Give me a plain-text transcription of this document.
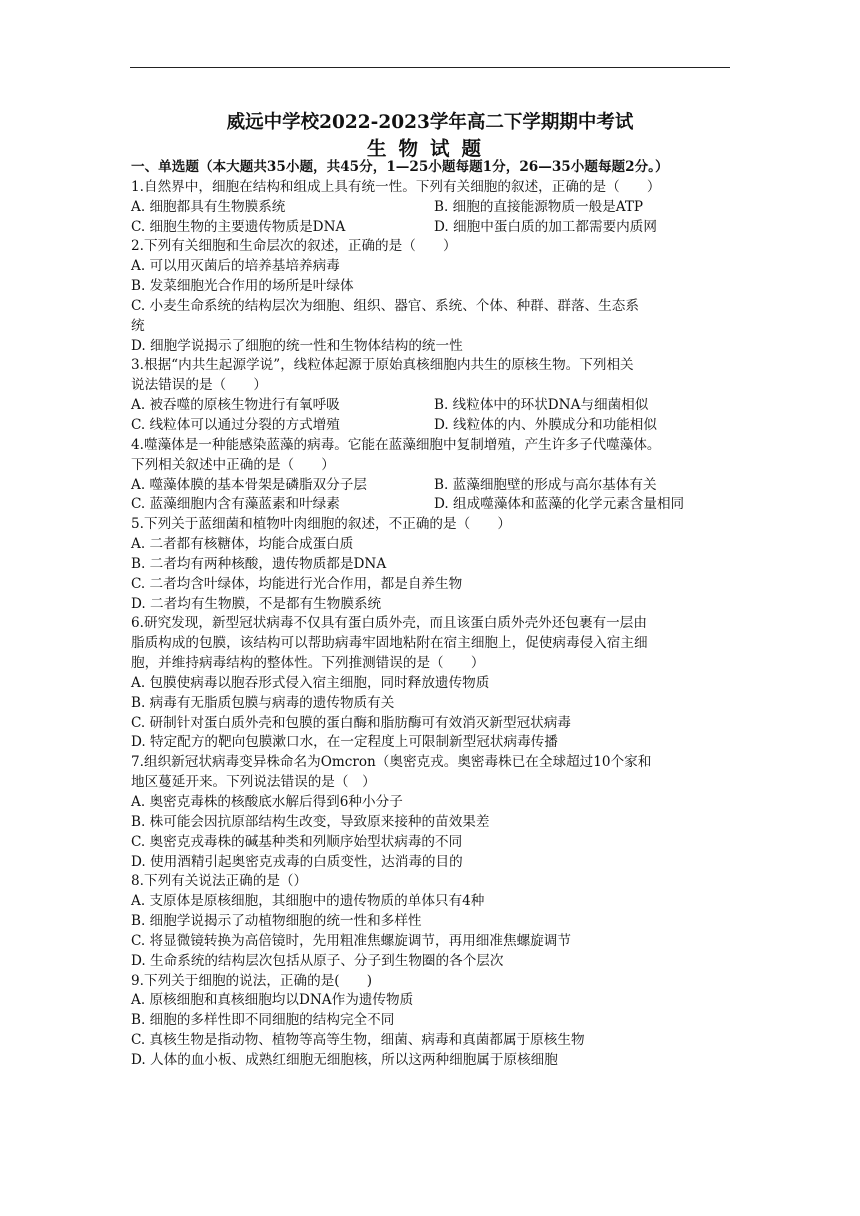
威远中学校2022-2023学年高二下学期期中考试
生物试题
一、单选题（本大题共35小题，共45分，1—25小题每题1分，26—35小题每题2分。）
1.自然界中，细胞在结构和组成上具有统一性。下列有关细胞的叙述，正确的是（　　）
A. 细胞都具有生物膜系统	B. 细胞的直接能源物质一般是ATP
C. 细胞生物的主要遗传物质是DNA	D. 细胞中蛋白质的加工都需要内质网
2.下列有关细胞和生命层次的叙述，正确的是（　　）
A. 可以用灭菌后的培养基培养病毒
B. 发菜细胞光合作用的场所是叶绿体
C. 小麦生命系统的结构层次为细胞、组织、器官、系统、个体、种群、群落、生态系
统
D. 细胞学说揭示了细胞的统一性和生物体结构的统一性
3.根据“内共生起源学说”，线粒体起源于原始真核细胞内共生的原核生物。下列相关
说法错误的是（　　）
A. 被吞噬的原核生物进行有氧呼吸	B. 线粒体中的环状DNA与细菌相似
C. 线粒体可以通过分裂的方式增殖	D. 线粒体的内、外膜成分和功能相似
4.噬藻体是一种能感染蓝藻的病毒。它能在蓝藻细胞中复制增殖，产生许多子代噬藻体。
下列相关叙述中正确的是（　　）
A. 噬藻体膜的基本骨架是磷脂双分子层	B. 蓝藻细胞壁的形成与高尔基体有关
C. 蓝藻细胞内含有藻蓝素和叶绿素	D. 组成噬藻体和蓝藻的化学元素含量相同
5.下列关于蓝细菌和植物叶肉细胞的叙述，不正确的是（　　）
A. 二者都有核糖体，均能合成蛋白质
B. 二者均有两种核酸，遗传物质都是DNA
C. 二者均含叶绿体，均能进行光合作用，都是自养生物
D. 二者均有生物膜，不是都有生物膜系统
6.研究发现，新型冠状病毒不仅具有蛋白质外壳，而且该蛋白质外壳外还包裹有一层由
脂质构成的包膜，该结构可以帮助病毒牢固地粘附在宿主细胞上，促使病毒侵入宿主细
胞，并维持病毒结构的整体性。下列推测错误的是（　　）
A. 包膜使病毒以胞吞形式侵入宿主细胞，同时释放遗传物质
B. 病毒有无脂质包膜与病毒的遗传物质有关
C. 研制针对蛋白质外壳和包膜的蛋白酶和脂肪酶可有效消灭新型冠状病毒
D. 特定配方的靶向包膜漱口水，在一定程度上可限制新型冠状病毒传播
7.组织新冠状病毒变异株命名为Omcron（奥密克戎。奥密毒株已在全球超过10个家和
地区蔓延开来。下列说法错误的是（　）
A. 奥密克毒株的核酸底水解后得到6种小分子
B. 株可能会因抗原部结构生改变，导致原来接种的苗效果差
C. 奥密克戎毒株的碱基种类和列顺序始型状病毒的不同
D. 使用酒精引起奥密克戎毒的白质变性，达消毒的目的
8.下列有关说法正确的是（）
A. 支原体是原核细胞，其细胞中的遗传物质的单体只有4种
B. 细胞学说揭示了动植物细胞的统一性和多样性
C. 将显微镜转换为高倍镜时，先用粗准焦螺旋调节，再用细准焦螺旋调节
D. 生命系统的结构层次包括从原子、分子到生物圈的各个层次
9.下列关于细胞的说法，正确的是(　　)
A. 原核细胞和真核细胞均以DNA作为遗传物质
B. 细胞的多样性即不同细胞的结构完全不同
C. 真核生物是指动物、植物等高等生物，细菌、病毒和真菌都属于原核生物
D. 人体的血小板、成熟红细胞无细胞核，所以这两种细胞属于原核细胞
